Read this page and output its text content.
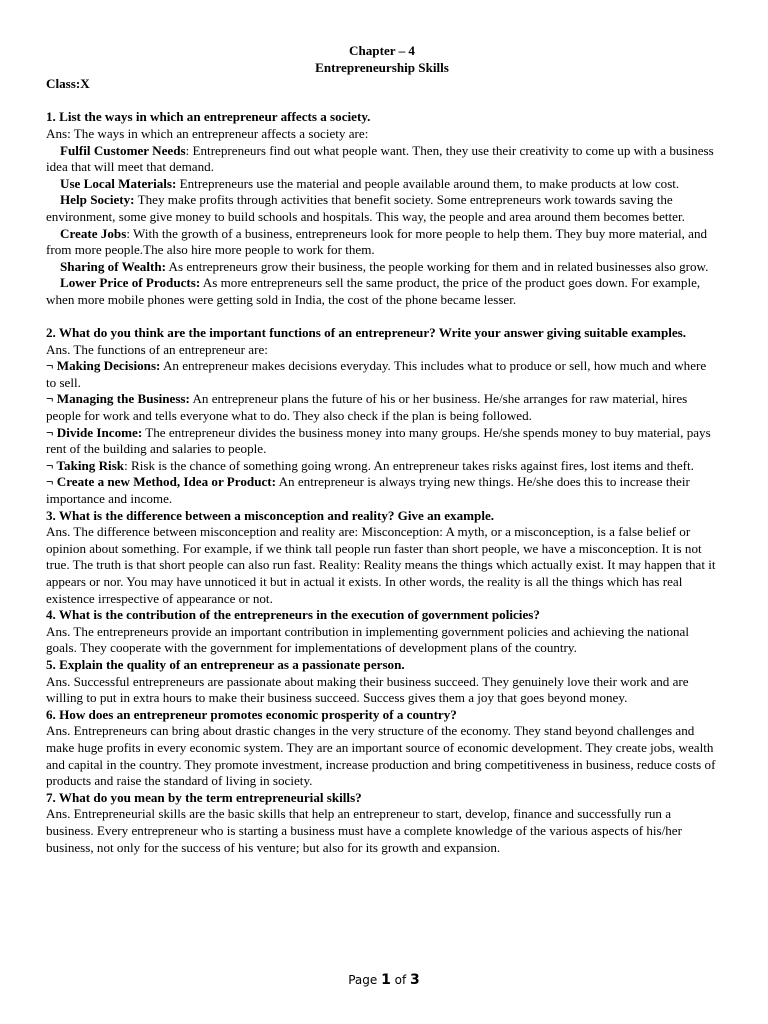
Chapter – 4

Entrepreneurship Skills

Class:X

1. List the ways in which an entrepreneur affects a society.

Ans: The ways in which an entrepreneur affects a society are:

Fulfil Customer Needs: Entrepreneurs find out what people want. Then, they use their creativity to come up with a business idea that will meet that demand.

Use Local Materials: Entrepreneurs use the material and people available around them, to make products at low cost.

Help Society: They make profits through activities that benefit society. Some entrepreneurs work towards saving the environment, some give money to build schools and hospitals. This way, the people and area around them becomes better.

Create Jobs: With the growth of a business, entrepreneurs look for more people to help them. They buy more material, and from more people.The also hire more people to work for them.

Sharing of Wealth: As entrepreneurs grow their business, the people working for them and in related businesses also grow.

Lower Price of Products: As more entrepreneurs sell the same product, the price of the product goes down. For example, when more mobile phones were getting sold in India, the cost of the phone became lesser.

2. What do you think are the important functions of an entrepreneur? Write your answer giving suitable examples.

Ans. The functions of an entrepreneur are:

¬ Making Decisions: An entrepreneur makes decisions everyday. This includes what to produce or sell, how much and where to sell.

¬ Managing the Business: An entrepreneur plans the future of his or her business. He/she arranges for raw material, hires people for work and tells everyone what to do. They also check if the plan is being followed.

¬ Divide Income: The entrepreneur divides the business money into many groups. He/she spends money to buy material, pays rent of the building and salaries to people.

¬ Taking Risk: Risk is the chance of something going wrong. An entrepreneur takes risks against fires, lost items and theft.

¬ Create a new Method, Idea or Product: An entrepreneur is always trying new things. He/she does this to increase their importance and income.

3. What is the difference between a misconception and reality? Give an example.

Ans. The difference between misconception and reality are: Misconception: A myth, or a misconception, is a false belief or opinion about something. For example, if we think tall people run faster than short people, we have a misconception. It is not true. The truth is that short people can also run fast. Reality: Reality means the things which actually exist. It may happen that it appears or nor. You may have unnoticed it but in actual it exists. In other words, the reality is all the things which has real existence irrespective of appearance or not.

4. What is the contribution of the entrepreneurs in the execution of government policies?

Ans. The entrepreneurs provide an important contribution in implementing government policies and achieving the national goals. They cooperate with the government for implementations of development plans of the country.

5. Explain the quality of an entrepreneur as a passionate person.

Ans. Successful entrepreneurs are passionate about making their business succeed. They genuinely love their work and are willing to put in extra hours to make their business succeed. Success gives them a joy that goes beyond money.

6. How does an entrepreneur promotes economic prosperity of a country?

Ans. Entrepreneurs can bring about drastic changes in the very structure of the economy. They stand beyond challenges and make huge profits in every economic system. They are an important source of economic development. They create jobs, wealth and capital in the country. They promote investment, increase production and bring competitiveness in business, reduce costs of products and raise the standard of living in society.

7. What do you mean by the term entrepreneurial skills?

Ans. Entrepreneurial skills are the basic skills that help an entrepreneur to start, develop, finance and successfully run a business. Every entrepreneur who is starting a business must have a complete knowledge of the various aspects of his/her business, not only for the success of his venture; but also for its growth and expansion.

Page 1 of 3
